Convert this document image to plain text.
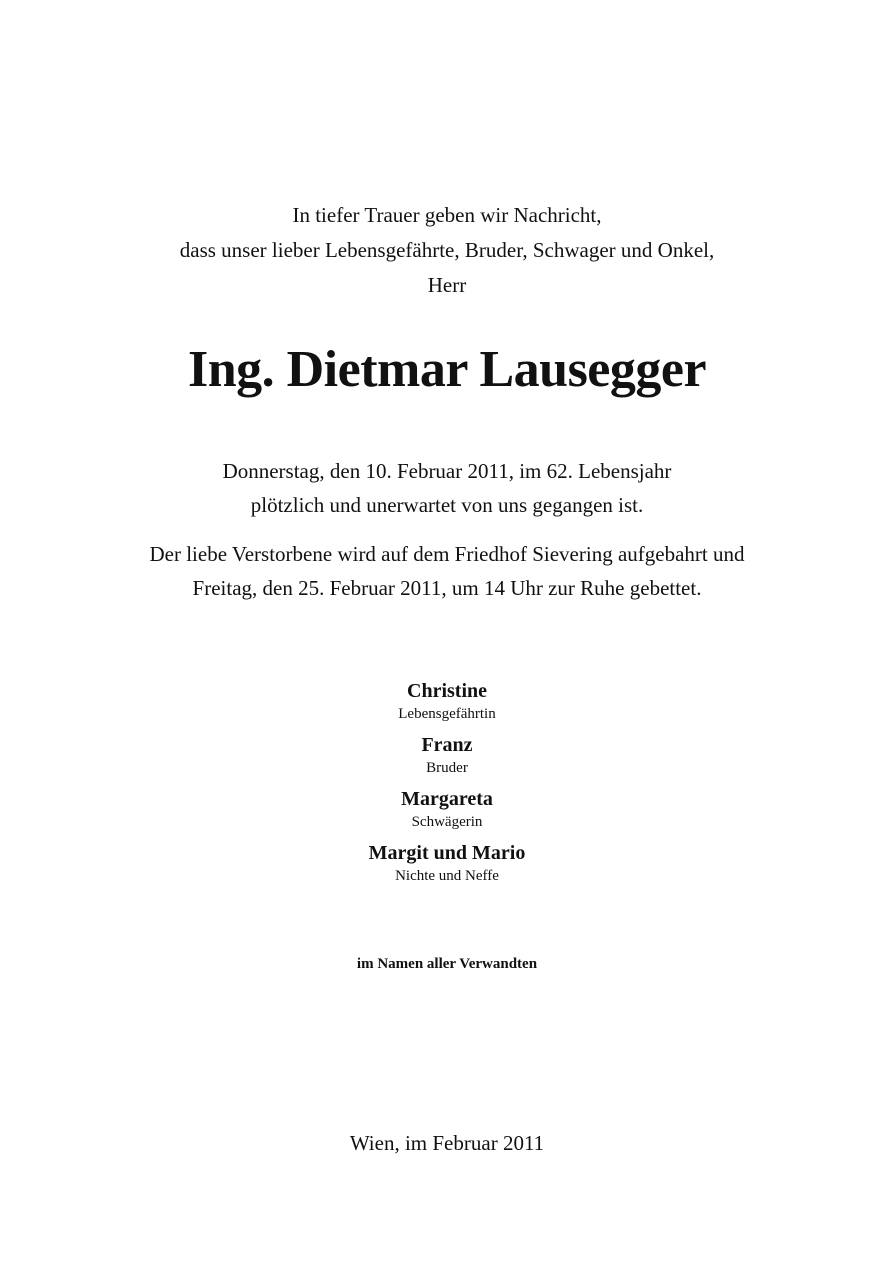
In tiefer Trauer geben wir Nachricht,
dass unser lieber Lebensgefährte, Bruder, Schwager und Onkel,
Herr
Ing. Dietmar Lausegger
Donnerstag, den 10. Februar 2011, im 62. Lebensjahr
plötzlich und unerwartet von uns gegangen ist.
Der liebe Verstorbene wird auf dem Friedhof Sievering aufgebahrt und
Freitag, den 25. Februar 2011, um 14 Uhr zur Ruhe gebettet.
Christine
Lebensgefährtin
Franz
Bruder
Margareta
Schwägerin
Margit und Mario
Nichte und Neffe
im Namen aller Verwandten
Wien, im Februar 2011
